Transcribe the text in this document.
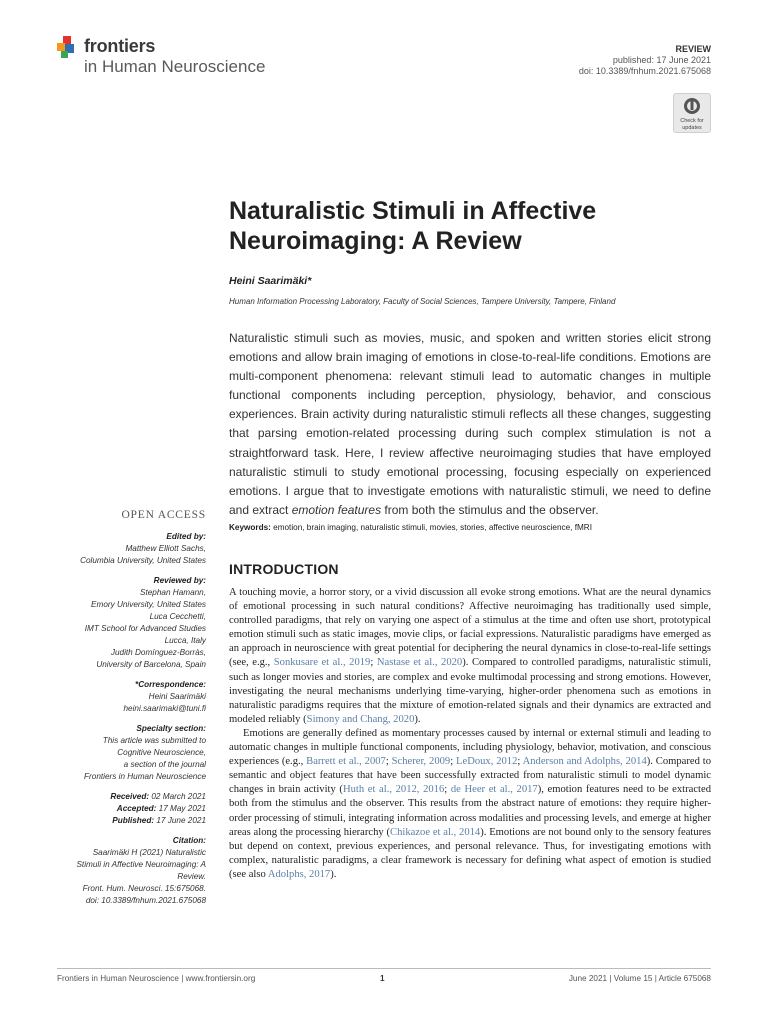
frontiers
in Human Neuroscience
REVIEW
published: 17 June 2021
doi: 10.3389/fnhum.2021.675068
Check for
updates
Naturalistic Stimuli in Affective Neuroimaging: A Review
Heini Saarimäki*
Human Information Processing Laboratory, Faculty of Social Sciences, Tampere University, Tampere, Finland
Naturalistic stimuli such as movies, music, and spoken and written stories elicit strong emotions and allow brain imaging of emotions in close-to-real-life conditions. Emotions are multi-component phenomena: relevant stimuli lead to automatic changes in multiple functional components including perception, physiology, behavior, and conscious experiences. Brain activity during naturalistic stimuli reflects all these changes, suggesting that parsing emotion-related processing during such complex stimulation is not a straightforward task. Here, I review affective neuroimaging studies that have employed naturalistic stimuli to study emotional processing, focusing especially on experienced emotions. I argue that to investigate emotions with naturalistic stimuli, we need to define and extract emotion features from both the stimulus and the observer.
Keywords: emotion, brain imaging, naturalistic stimuli, movies, stories, affective neuroscience, fMRI
OPEN ACCESS
Edited by:
Matthew Elliott Sachs,
Columbia University, United States
Reviewed by:
Stephan Hamann,
Emory University, United States
Luca Cecchetti,
IMT School for Advanced Studies
Lucca, Italy
Judith Domínguez-Borràs,
University of Barcelona, Spain
*Correspondence:
Heini Saarimäki
heini.saarimaki@tuni.fi
Specialty section:
This article was submitted to
Cognitive Neuroscience,
a section of the journal
Frontiers in Human Neuroscience
Received: 02 March 2021
Accepted: 17 May 2021
Published: 17 June 2021
Citation:
Saarimäki H (2021) Naturalistic
Stimuli in Affective Neuroimaging: A
Review.
Front. Hum. Neurosci. 15:675068.
doi: 10.3389/fnhum.2021.675068
INTRODUCTION

A touching movie, a horror story, or a vivid discussion all evoke strong emotions. What are the neural dynamics of emotional processing in such natural conditions? Affective neuroimaging has traditionally used simple, controlled paradigms, that rely on varying one aspect of a stimulus at the time and often use short, prototypical emotion stimuli such as static images, movie clips, or facial expressions. Naturalistic paradigms have emerged as an approach in neuroscience with great potential for deciphering the neural dynamics in close-to-real-life settings (see, e.g., Sonkusare et al., 2019; Nastase et al., 2020). Compared to controlled paradigms, naturalistic stimuli, such as longer movies and stories, are complex and evoke multimodal processing and strong emotions. However, investigating the neural mechanisms underlying time-varying, higher-order phenomena such as emotions in naturalistic paradigms requires that the mixture of emotion-related signals and their dynamics are extracted and modeled reliably (Simony and Chang, 2020).

Emotions are generally defined as momentary processes caused by internal or external stimuli and leading to automatic changes in multiple functional components, including physiology, behavior, motivation, and conscious experiences (e.g., Barrett et al., 2007; Scherer, 2009; LeDoux, 2012; Anderson and Adolphs, 2014). Compared to semantic and object features that have been successfully extracted from naturalistic stimuli to model dynamic changes in brain activity (Huth et al., 2012, 2016; de Heer et al., 2017), emotion features need to be extracted both from the stimulus and the observer. This results from the abstract nature of emotions: they require higher-order processing of stimuli, integrating information across modalities and processing levels, and emerge at higher areas along the processing hierarchy (Chikazoe et al., 2014). Emotions are not bound only to the sensory features but depend on context, previous experiences, and personal relevance. Thus, for investigating emotions with complex, naturalistic paradigms, a clear framework is necessary for defining what aspect of emotion is studied (see also Adolphs, 2017).

Frontiers in Human Neuroscience | www.frontiersin.org	1	June 2021 | Volume 15 | Article 675068
